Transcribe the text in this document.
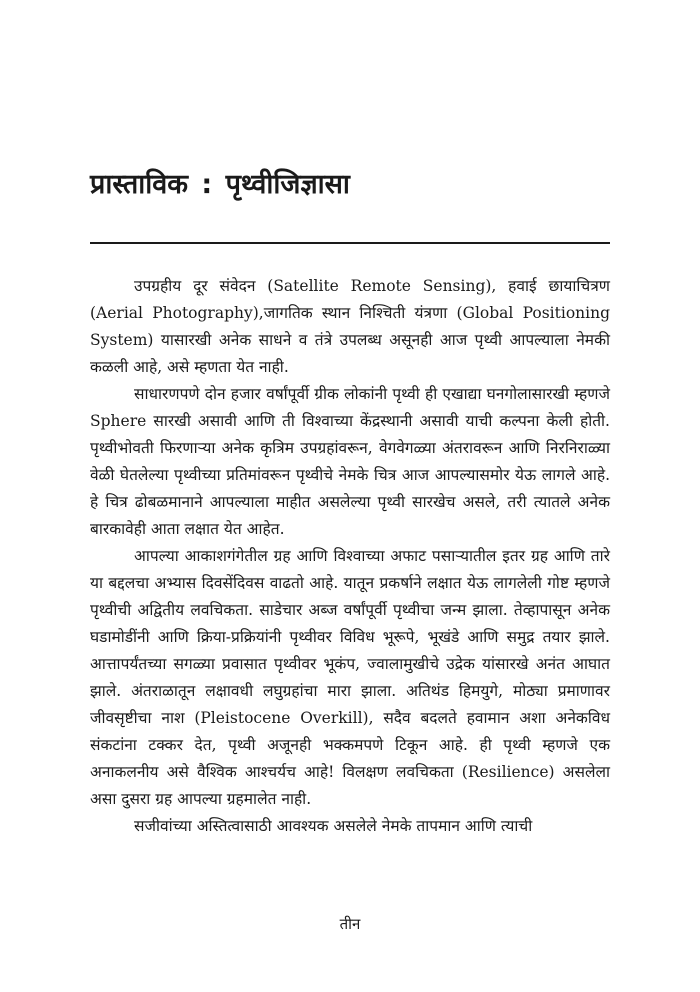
प्रास्ताविक : पृथ्वीजिज्ञासा

उपग्रहीय दूर संवेदन (Satellite Remote Sensing), हवाई छायाचित्रण (Aerial Photography),जागतिक स्थान निश्चिती यंत्रणा (Global Positioning System) यासारखी अनेक साधने व तंत्रे उपलब्ध असूनही आज पृथ्वी आपल्याला नेमकी कळली आहे, असे म्हणता येत नाही.

साधारणपणे दोन हजार वर्षांपूर्वी ग्रीक लोकांनी पृथ्वी ही एखाद्या घनगोलासारखी म्हणजे Sphere सारखी असावी आणि ती विश्वाच्या केंद्रस्थानी असावी याची कल्पना केली होती. पृथ्वीभोवती फिरणाऱ्या अनेक कृत्रिम उपग्रहांवरून, वेगवेगळ्या अंतरावरून आणि निरनिराळ्या वेळी घेतलेल्या पृथ्वीच्या प्रतिमांवरून पृथ्वीचे नेमके चित्र आज आपल्यासमोर येऊ लागले आहे. हे चित्र ढोबळमानाने आपल्याला माहीत असलेल्या पृथ्वी सारखेच असले, तरी त्यातले अनेक बारकावेही आता लक्षात येत आहेत.

आपल्या आकाशगंगेतील ग्रह आणि विश्वाच्या अफाट पसाऱ्यातील इतर ग्रह आणि तारे या बद्दलचा अभ्यास दिवसेंदिवस वाढतो आहे. यातून प्रकर्षाने लक्षात येऊ लागलेली गोष्ट म्हणजे पृथ्वीची अद्वितीय लवचिकता. साडेचार अब्ज वर्षांपूर्वी पृथ्वीचा जन्म झाला. तेव्हापासून अनेक घडामोडींनी आणि क्रिया-प्रक्रियांनी पृथ्वीवर विविध भूरूपे, भूखंडे आणि समुद्र तयार झाले. आत्तापर्यंतच्या सगळ्या प्रवासात पृथ्वीवर भूकंप, ज्वालामुखीचे उद्रेक यांसारखे अनंत आघात झाले. अंतराळातून लक्षावधी लघुग्रहांचा मारा झाला. अतिथंड हिमयुगे, मोठ्या प्रमाणावर जीवसृष्टीचा नाश (Pleistocene Overkill), सदैव बदलते हवामान अशा अनेकविध संकटांना टक्कर देत, पृथ्वी अजूनही भक्कमपणे टिकून आहे. ही पृथ्वी म्हणजे एक अनाकलनीय असे वैश्विक आश्चर्यच आहे! विलक्षण लवचिकता (Resilience) असलेला असा दुसरा ग्रह आपल्या ग्रहमालेत नाही.

सजीवांच्या अस्तित्वासाठी आवश्यक असलेले नेमके तापमान आणि त्याची

तीन
